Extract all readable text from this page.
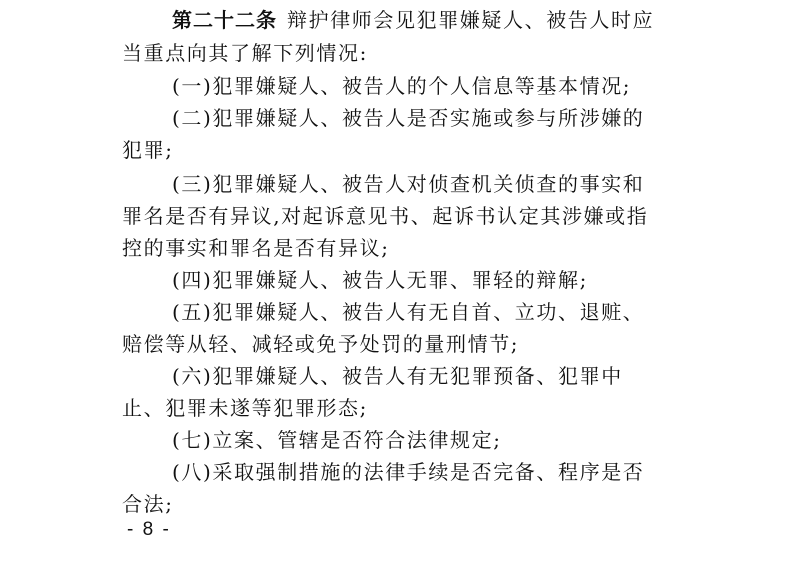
第二十二条 辩护律师会见犯罪嫌疑人、被告人时应
当重点向其了解下列情况:
(一)犯罪嫌疑人、被告人的个人信息等基本情况;
(二)犯罪嫌疑人、被告人是否实施或参与所涉嫌的
犯罪;
(三)犯罪嫌疑人、被告人对侦查机关侦查的事实和
罪名是否有异议,对起诉意见书、起诉书认定其涉嫌或指
控的事实和罪名是否有异议;
(四)犯罪嫌疑人、被告人无罪、罪轻的辩解;
(五)犯罪嫌疑人、被告人有无自首、立功、退赃、
赔偿等从轻、减轻或免予处罚的量刑情节;
(六)犯罪嫌疑人、被告人有无犯罪预备、犯罪中
止、犯罪未遂等犯罪形态;
(七)立案、管辖是否符合法律规定;
(八)采取强制措施的法律手续是否完备、程序是否
合法;
- 8 -
